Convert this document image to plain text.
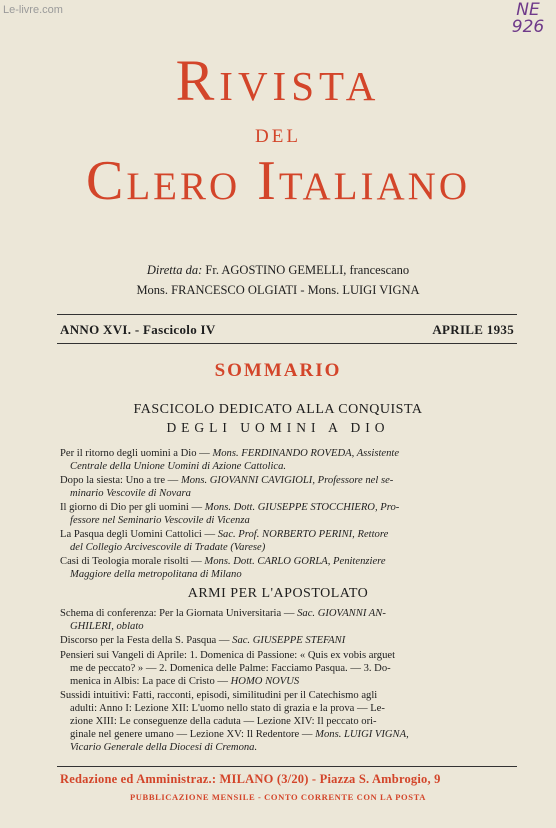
Le-livre.com	NE
926
Rivista
del
Clero Italiano
Diretta da: Fr. AGOSTINO GEMELLI, francescano
Mons. FRANCESCO OLGIATI - Mons. LUIGI VIGNA
ANNO XVI. - Fascicolo IV	APRILE 1935
SOMMARIO
FASCICOLO DEDICATO ALLA CONQUISTA
DEGLI UOMINI A DIO
Per il ritorno degli uomini a Dio — Mons. FERDINANDO ROVEDA, Assistente
Centrale della Unione Uomini di Azione Cattolica.
Dopo la siesta: Uno a tre — Mons. GIOVANNI CAVIGIOLI, Professore nel se-
minario Vescovile di Novara
Il giorno di Dio per gli uomini — Mons. Dott. GIUSEPPE STOCCHIERO, Pro-
fessore nel Seminario Vescovile di Vicenza
La Pasqua degli Uomini Cattolici — Sac. Prof. NORBERTO PERINI, Rettore
del Collegio Arcivescovile di Tradate (Varese)
Casi di Teologia morale risolti — Mons. Dott. CARLO GORLA, Penitenziere
Maggiore della metropolitana di Milano
ARMI PER L'APOSTOLATO
Schema di conferenza: Per la Giornata Universitaria — Sac. GIOVANNI AN-
GHILERI, oblato
Discorso per la Festa della S. Pasqua — Sac. GIUSEPPE STEFANI
Pensieri sui Vangeli di Aprile: 1. Domenica di Passione: « Quis ex vobis arguet
me de peccato? » — 2. Domenica delle Palme: Facciamo Pasqua. — 3. Do-
menica in Albis: La pace di Cristo — HOMO NOVUS
Sussidi intuitivi: Fatti, racconti, episodi, similitudini per il Catechismo agli
adulti: Anno I: Lezione XII: L'uomo nello stato di grazia e la prova — Le-
zione XIII: Le conseguenze della caduta — Lezione XIV: Il peccato ori-
ginale nel genere umano — Lezione XV: Il Redentore — Mons. LUIGI VIGNA,
Vicario Generale della Diocesi di Cremona.
Redazione ed Amministraz.: MILANO (3/20) - Piazza S. Ambrogio, 9
PUBBLICAZIONE MENSILE - CONTO CORRENTE CON LA POSTA
